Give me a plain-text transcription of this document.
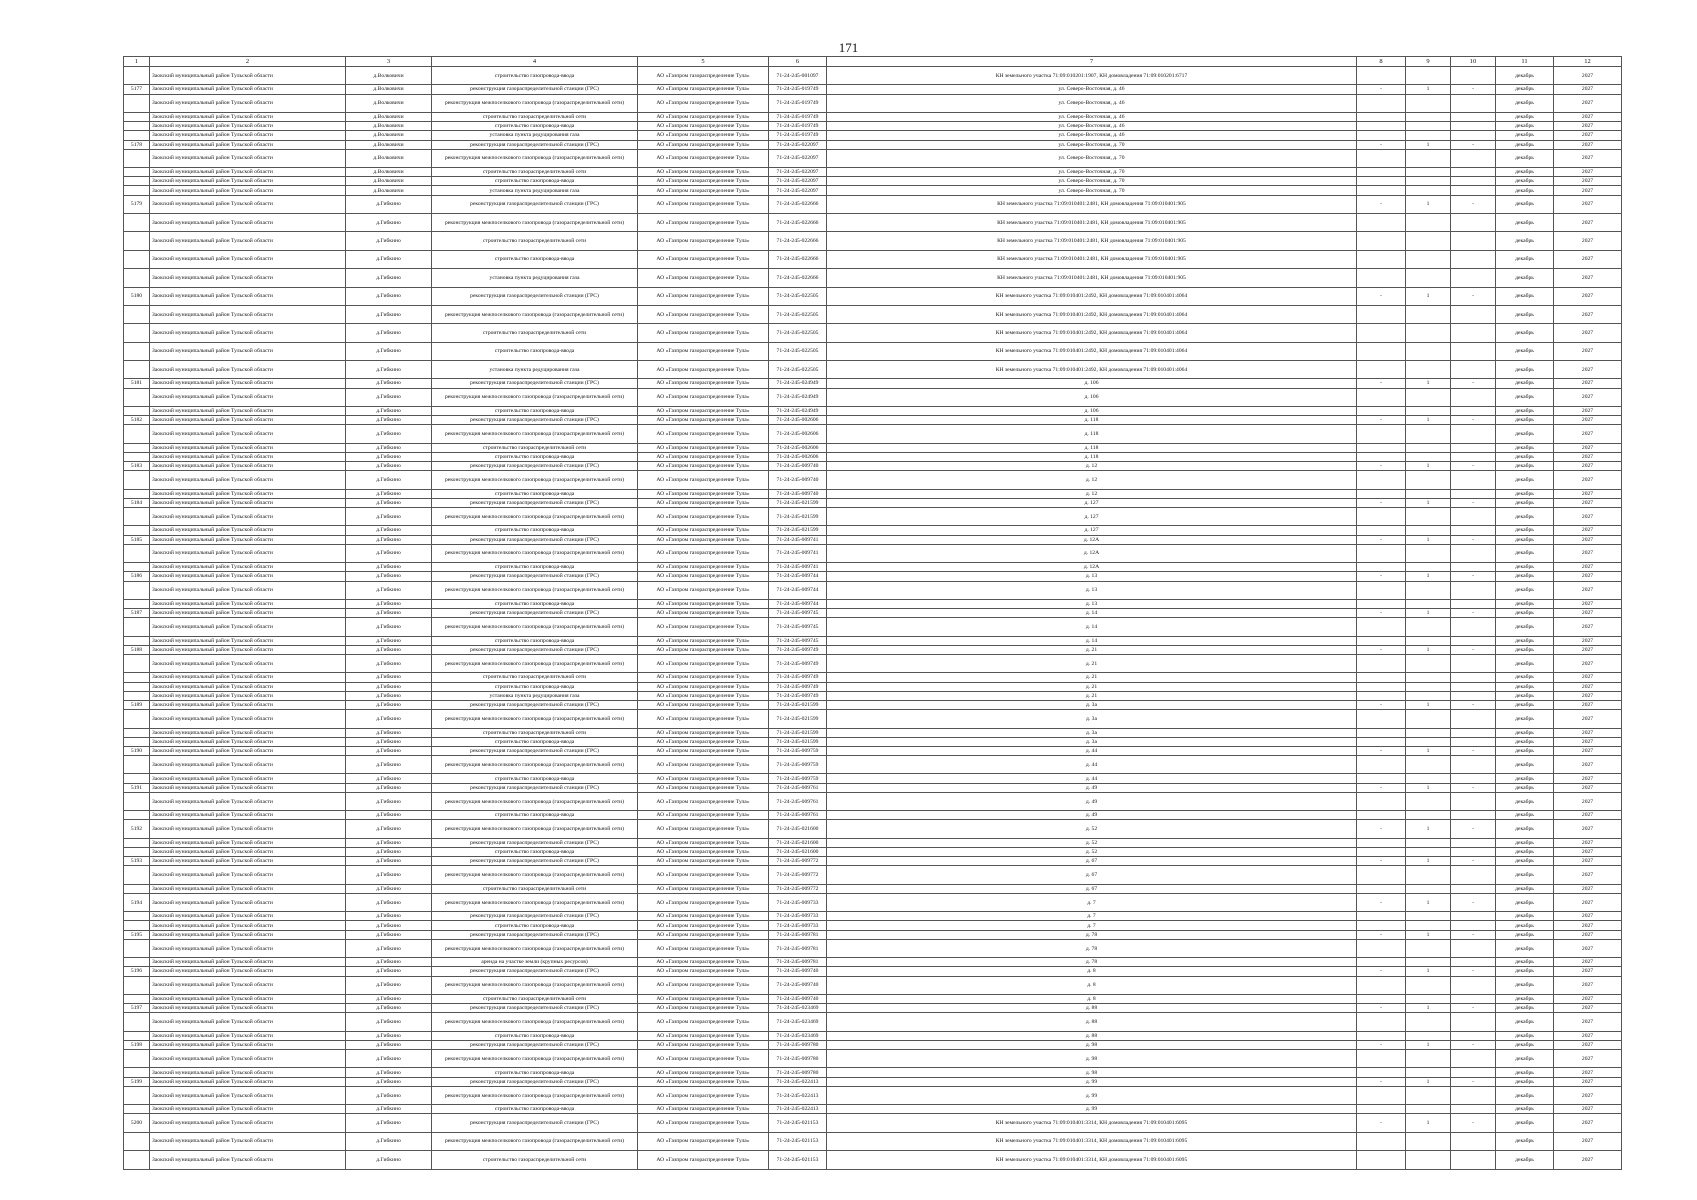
171
1	2	3	4	5	6	7	8	9	10	11	12
	Заокский муниципальный район Тульской области	д.Волковичи	строительство газопровода-ввода	АО «Газпром газораспределение Тула»	71-24-245-001097	КН земельного участка 71:09:010201:1907, КН домовладения 71:09:010201:6717				декабрь	2027
5177	Заокский муниципальный район Тульской области	д.Волковичи	реконструкция газораспределительной станции (ГРС)	АО «Газпром газораспределение Тула»	71-24-245-019749	ул. Северо-Восточная, д. 46	-	1	-	декабрь	2027
	Заокский муниципальный район Тульской области	д.Волковичи	реконструкция межпоселкового газопровода (газораспределительной сети)	АО «Газпром газораспределение Тула»	71-24-245-019749	ул. Северо-Восточная, д. 46				декабрь	2027
	Заокский муниципальный район Тульской области	д.Волковичи	строительство газораспределительной сети	АО «Газпром газораспределение Тула»	71-24-245-019749	ул. Северо-Восточная, д. 46				декабрь	2027
	Заокский муниципальный район Тульской области	д.Волковичи	строительство газопровода-ввода	АО «Газпром газораспределение Тула»	71-24-245-019749	ул. Северо-Восточная, д. 46				декабрь	2027
	Заокский муниципальный район Тульской области	д.Волковичи	установка пункта редуцирования газа	АО «Газпром газораспределение Тула»	71-24-245-019749	ул. Северо-Восточная, д. 46				декабрь	2027
5178	Заокский муниципальный район Тульской области	д.Волковичи	реконструкция газораспределительной станции (ГРС)	АО «Газпром газораспределение Тула»	71-24-245-022097	ул. Северо-Восточная, д. 70	-	1	-	декабрь	2027
	Заокский муниципальный район Тульской области	д.Волковичи	реконструкция межпоселкового газопровода (газораспределительной сети)	АО «Газпром газораспределение Тула»	71-24-245-022097	ул. Северо-Восточная, д. 70				декабрь	2027
	Заокский муниципальный район Тульской области	д.Волковичи	строительство газораспределительной сети	АО «Газпром газораспределение Тула»	71-24-245-022097	ул. Северо-Восточная, д. 70				декабрь	2027
	Заокский муниципальный район Тульской области	д.Волковичи	строительство газопровода-ввода	АО «Газпром газораспределение Тула»	71-24-245-022097	ул. Северо-Восточная, д. 70				декабрь	2027
	Заокский муниципальный район Тульской области	д.Волковичи	установка пункта редуцирования газа	АО «Газпром газораспределение Тула»	71-24-245-022097	ул. Северо-Восточная, д. 70				декабрь	2027
5179	Заокский муниципальный район Тульской области	д.Гибкино	реконструкция газораспределительной станции (ГРС)	АО «Газпром газораспределение Тула»	71-24-245-022666	КН земельного участка 71:09:010401:2481, КН домовладения 71:09:010401:905	-	1	-	декабрь	2027
	Заокский муниципальный район Тульской области	д.Гибкино	реконструкция межпоселкового газопровода (газораспределительной сети)	АО «Газпром газораспределение Тула»	71-24-245-022666	КН земельного участка 71:09:010401:2481, КН домовладения 71:09:010401:905				декабрь	2027
	Заокский муниципальный район Тульской области	д.Гибкино	строительство газораспределительной сети	АО «Газпром газораспределение Тула»	71-24-245-022666	КН земельного участка 71:09:010401:2481, КН домовладения 71:09:010401:905				декабрь	2027
	Заокский муниципальный район Тульской области	д.Гибкино	строительство газопровода-ввода	АО «Газпром газораспределение Тула»	71-24-245-022666	КН земельного участка 71:09:010401:2481, КН домовладения 71:09:010401:905				декабрь	2027
	Заокский муниципальный район Тульской области	д.Гибкино	установка пункта редуцирования газа	АО «Газпром газораспределение Тула»	71-24-245-022666	КН земельного участка 71:09:010401:2481, КН домовладения 71:09:010401:905				декабрь	2027
5180	Заокский муниципальный район Тульской области	д.Гибкино	реконструкция газораспределительной станции (ГРС)	АО «Газпром газораспределение Тула»	71-24-245-022505	КН земельного участка 71:09:010401:2492, КН домовладения 71:09:010401:4064	-	1	-	декабрь	2027
	Заокский муниципальный район Тульской области	д.Гибкино	реконструкция межпоселкового газопровода (газораспределительной сети)	АО «Газпром газораспределение Тула»	71-24-245-022505	КН земельного участка 71:09:010401:2492, КН домовладения 71:09:010401:4064				декабрь	2027
	Заокский муниципальный район Тульской области	д.Гибкино	строительство газораспределительной сети	АО «Газпром газораспределение Тула»	71-24-245-022505	КН земельного участка 71:09:010401:2492, КН домовладения 71:09:010401:4064				декабрь	2027
	Заокский муниципальный район Тульской области	д.Гибкино	строительство газопровода-ввода	АО «Газпром газораспределение Тула»	71-24-245-022505	КН земельного участка 71:09:010401:2492, КН домовладения 71:09:010401:4064				декабрь	2027
	Заокский муниципальный район Тульской области	д.Гибкино	установка пункта редуцирования газа	АО «Газпром газораспределение Тула»	71-24-245-022505	КН земельного участка 71:09:010401:2492, КН домовладения 71:09:010401:4064				декабрь	2027
5181	Заокский муниципальный район Тульской области	д.Гибкино	реконструкция газораспределительной станции (ГРС)	АО «Газпром газораспределение Тула»	71-24-245-024949	д. 106	-	1	-	декабрь	2027
	Заокский муниципальный район Тульской области	д.Гибкино	реконструкция межпоселкового газопровода (газораспределительной сети)	АО «Газпром газораспределение Тула»	71-24-245-024949	д. 106				декабрь	2027
	Заокский муниципальный район Тульской области	д.Гибкино	строительство газопровода-ввода	АО «Газпром газораспределение Тула»	71-24-245-024949	д. 106				декабрь	2027
5182	Заокский муниципальный район Тульской области	д.Гибкино	реконструкция газораспределительной станции (ГРС)	АО «Газпром газораспределение Тула»	71-24-245-002606	д. 118	-	1	-	декабрь	2027
	Заокский муниципальный район Тульской области	д.Гибкино	реконструкция межпоселкового газопровода (газораспределительной сети)	АО «Газпром газораспределение Тула»	71-24-245-002606	д. 118				декабрь	2027
	Заокский муниципальный район Тульской области	д.Гибкино	строительство газораспределительной сети	АО «Газпром газораспределение Тула»	71-24-245-002606	д. 118				декабрь	2027
	Заокский муниципальный район Тульской области	д.Гибкино	строительство газопровода-ввода	АО «Газпром газораспределение Тула»	71-24-245-002606	д. 118				декабрь	2027
5183	Заокский муниципальный район Тульской области	д.Гибкино	реконструкция газораспределительной станции (ГРС)	АО «Газпром газораспределение Тула»	71-24-245-009740	д. 12	-	1	-	декабрь	2027
	Заокский муниципальный район Тульской области	д.Гибкино	реконструкция межпоселкового газопровода (газораспределительной сети)	АО «Газпром газораспределение Тула»	71-24-245-009740	д. 12				декабрь	2027
	Заокский муниципальный район Тульской области	д.Гибкино	строительство газопровода-ввода	АО «Газпром газораспределение Тула»	71-24-245-009740	д. 12				декабрь	2027
5184	Заокский муниципальный район Тульской области	д.Гибкино	реконструкция газораспределительной станции (ГРС)	АО «Газпром газораспределение Тула»	71-24-245-021599	д. 127	-	1	-	декабрь	2027
	Заокский муниципальный район Тульской области	д.Гибкино	реконструкция межпоселкового газопровода (газораспределительной сети)	АО «Газпром газораспределение Тула»	71-24-245-021599	д. 127				декабрь	2027
	Заокский муниципальный район Тульской области	д.Гибкино	строительство газопровода-ввода	АО «Газпром газораспределение Тула»	71-24-245-021599	д. 127				декабрь	2027
5185	Заокский муниципальный район Тульской области	д.Гибкино	реконструкция газораспределительной станции (ГРС)	АО «Газпром газораспределение Тула»	71-24-245-009741	д. 12А	-	1	-	декабрь	2027
	Заокский муниципальный район Тульской области	д.Гибкино	реконструкция межпоселкового газопровода (газораспределительной сети)	АО «Газпром газораспределение Тула»	71-24-245-009741	д. 12А				декабрь	2027
	Заокский муниципальный район Тульской области	д.Гибкино	строительство газопровода-ввода	АО «Газпром газораспределение Тула»	71-24-245-009741	д. 12А				декабрь	2027
5186	Заокский муниципальный район Тульской области	д.Гибкино	реконструкция газораспределительной станции (ГРС)	АО «Газпром газораспределение Тула»	71-24-245-009744	д. 13	-	1	-	декабрь	2027
	Заокский муниципальный район Тульской области	д.Гибкино	реконструкция межпоселкового газопровода (газораспределительной сети)	АО «Газпром газораспределение Тула»	71-24-245-009744	д. 13				декабрь	2027
	Заокский муниципальный район Тульской области	д.Гибкино	строительство газопровода-ввода	АО «Газпром газораспределение Тула»	71-24-245-009744	д. 13				декабрь	2027
5187	Заокский муниципальный район Тульской области	д.Гибкино	реконструкция газораспределительной станции (ГРС)	АО «Газпром газораспределение Тула»	71-24-245-009745	д. 14	-	1	-	декабрь	2027
	Заокский муниципальный район Тульской области	д.Гибкино	реконструкция межпоселкового газопровода (газораспределительной сети)	АО «Газпром газораспределение Тула»	71-24-245-009745	д. 14				декабрь	2027
	Заокский муниципальный район Тульской области	д.Гибкино	строительство газопровода-ввода	АО «Газпром газораспределение Тула»	71-24-245-009745	д. 14				декабрь	2027
5188	Заокский муниципальный район Тульской области	д.Гибкино	реконструкция газораспределительной станции (ГРС)	АО «Газпром газораспределение Тула»	71-24-245-009749	д. 21	-	1	-	декабрь	2027
	Заокский муниципальный район Тульской области	д.Гибкино	реконструкция межпоселкового газопровода (газораспределительной сети)	АО «Газпром газораспределение Тула»	71-24-245-009749	д. 21				декабрь	2027
	Заокский муниципальный район Тульской области	д.Гибкино	строительство газораспределительной сети	АО «Газпром газораспределение Тула»	71-24-245-009749	д. 21				декабрь	2027
	Заокский муниципальный район Тульской области	д.Гибкино	строительство газопровода-ввода	АО «Газпром газораспределение Тула»	71-24-245-009749	д. 21				декабрь	2027
	Заокский муниципальный район Тульской области	д.Гибкино	установка пункта редуцирования газа	АО «Газпром газораспределение Тула»	71-24-245-009749	д. 21				декабрь	2027
5189	Заокский муниципальный район Тульской области	д.Гибкино	реконструкция газораспределительной станции (ГРС)	АО «Газпром газораспределение Тула»	71-24-245-021599	д. 3а	-	1	-	декабрь	2027
	Заокский муниципальный район Тульской области	д.Гибкино	реконструкция межпоселкового газопровода (газораспределительной сети)	АО «Газпром газораспределение Тула»	71-24-245-021599	д. 3а				декабрь	2027
	Заокский муниципальный район Тульской области	д.Гибкино	строительство газораспределительной сети	АО «Газпром газораспределение Тула»	71-24-245-021599	д. 3а				декабрь	2027
	Заокский муниципальный район Тульской области	д.Гибкино	строительство газопровода-ввода	АО «Газпром газораспределение Тула»	71-24-245-021599	д. 3а				декабрь	2027
5190	Заокский муниципальный район Тульской области	д.Гибкино	реконструкция газораспределительной станции (ГРС)	АО «Газпром газораспределение Тула»	71-24-245-009759	д. 44	-	1	-	декабрь	2027
	Заокский муниципальный район Тульской области	д.Гибкино	реконструкция межпоселкового газопровода (газораспределительной сети)	АО «Газпром газораспределение Тула»	71-24-245-009759	д. 44				декабрь	2027
	Заокский муниципальный район Тульской области	д.Гибкино	строительство газопровода-ввода	АО «Газпром газораспределение Тула»	71-24-245-009759	д. 44				декабрь	2027
5191	Заокский муниципальный район Тульской области	д.Гибкино	реконструкция газораспределительной станции (ГРС)	АО «Газпром газораспределение Тула»	71-24-245-009761	д. 49	-	1	-	декабрь	2027
	Заокский муниципальный район Тульской области	д.Гибкино	реконструкция межпоселкового газопровода (газораспределительной сети)	АО «Газпром газораспределение Тула»	71-24-245-009761	д. 49				декабрь	2027
	Заокский муниципальный район Тульской области	д.Гибкино	строительство газопровода-ввода	АО «Газпром газораспределение Тула»	71-24-245-009761	д. 49				декабрь	2027
5192	Заокский муниципальный район Тульской области	д.Гибкино	реконструкция межпоселкового газопровода (газораспределительной сети)	АО «Газпром газораспределение Тула»	71-24-245-021600	д. 52	-	1	-	декабрь	2027
	Заокский муниципальный район Тульской области	д.Гибкино	реконструкция газораспределительной станции (ГРС)	АО «Газпром газораспределение Тула»	71-24-245-021600	д. 52				декабрь	2027
	Заокский муниципальный район Тульской области	д.Гибкино	строительство газопровода-ввода	АО «Газпром газораспределение Тула»	71-24-245-021600	д. 52				декабрь	2027
5193	Заокский муниципальный район Тульской области	д.Гибкино	реконструкция газораспределительной станции (ГРС)	АО «Газпром газораспределение Тула»	71-24-245-009772	д. 67	-	1	-	декабрь	2027
	Заокский муниципальный район Тульской области	д.Гибкино	реконструкция межпоселкового газопровода (газораспределительной сети)	АО «Газпром газораспределение Тула»	71-24-245-009772	д. 67				декабрь	2027
	Заокский муниципальный район Тульской области	д.Гибкино	строительство газораспределительной сети	АО «Газпром газораспределение Тула»	71-24-245-009772	д. 67				декабрь	2027
5194	Заокский муниципальный район Тульской области	д.Гибкино	реконструкция межпоселкового газопровода (газораспределительной сети)	АО «Газпром газораспределение Тула»	71-24-245-009733	д. 7	-	1	-	декабрь	2027
	Заокский муниципальный район Тульской области	д.Гибкино	реконструкция газораспределительной станции (ГРС)	АО «Газпром газораспределение Тула»	71-24-245-009733	д. 7				декабрь	2027
	Заокский муниципальный район Тульской области	д.Гибкино	строительство газопровода-ввода	АО «Газпром газораспределение Тула»	71-24-245-009733	д. 7				декабрь	2027
5195	Заокский муниципальный район Тульской области	д.Гибкино	реконструкция газораспределительной станции (ГРС)	АО «Газпром газораспределение Тула»	71-24-245-009781	д. 78	-	1	-	декабрь	2027
	Заокский муниципальный район Тульской области	д.Гибкино	реконструкция межпоселкового газопровода (газораспределительной сети)	АО «Газпром газораспределение Тула»	71-24-245-009781	д. 78				декабрь	2027
	Заокский муниципальный район Тульской области	д.Гибкино	аренда на участке земли (крупных ресурсов)	АО «Газпром газораспределение Тула»	71-24-245-009781	д. 78				декабрь	2027
5196	Заокский муниципальный район Тульской области	д.Гибкино	реконструкция газораспределительной станции (ГРС)	АО «Газпром газораспределение Тула»	71-24-245-009740	д. 8	-	1	-	декабрь	2027
	Заокский муниципальный район Тульской области	д.Гибкино	реконструкция межпоселкового газопровода (газораспределительной сети)	АО «Газпром газораспределение Тула»	71-24-245-009740	д. 8				декабрь	2027
	Заокский муниципальный район Тульской области	д.Гибкино	строительство газораспределительной сети	АО «Газпром газораспределение Тула»	71-24-245-009740	д. 8				декабрь	2027
5197	Заокский муниципальный район Тульской области	д.Гибкино	реконструкция газораспределительной станции (ГРС)	АО «Газпром газораспределение Тула»	71-24-245-023469	д. 88	-	1	-	декабрь	2027
	Заокский муниципальный район Тульской области	д.Гибкино	реконструкция межпоселкового газопровода (газораспределительной сети)	АО «Газпром газораспределение Тула»	71-24-245-023469	д. 88				декабрь	2027
	Заокский муниципальный район Тульской области	д.Гибкино	строительство газопровода-ввода	АО «Газпром газораспределение Тула»	71-24-245-023469	д. 88				декабрь	2027
5198	Заокский муниципальный район Тульской области	д.Гибкино	реконструкция газораспределительной станции (ГРС)	АО «Газпром газораспределение Тула»	71-24-245-009780	д. 98	-	1	-	декабрь	2027
	Заокский муниципальный район Тульской области	д.Гибкино	реконструкция межпоселкового газопровода (газораспределительной сети)	АО «Газпром газораспределение Тула»	71-24-245-009780	д. 98				декабрь	2027
	Заокский муниципальный район Тульской области	д.Гибкино	строительство газопровода-ввода	АО «Газпром газораспределение Тула»	71-24-245-009780	д. 98				декабрь	2027
5199	Заокский муниципальный район Тульской области	д.Гибкино	реконструкция газораспределительной станции (ГРС)	АО «Газпром газораспределение Тула»	71-24-245-022413	д. 99	-	1	-	декабрь	2027
	Заокский муниципальный район Тульской области	д.Гибкино	реконструкция межпоселкового газопровода (газораспределительной сети)	АО «Газпром газораспределение Тула»	71-24-245-022413	д. 99				декабрь	2027
	Заокский муниципальный район Тульской области	д.Гибкино	строительство газопровода-ввода	АО «Газпром газораспределение Тула»	71-24-245-022413	д. 99				декабрь	2027
5200	Заокский муниципальный район Тульской области	д.Гибкино	реконструкция газораспределительной станции (ГРС)	АО «Газпром газораспределение Тула»	71-24-245-021153	КН земельного участка 71:09:010401:3314, КН домовладения 71:09:010401:6095	-	1	-	декабрь	2027
	Заокский муниципальный район Тульской области	д.Гибкино	реконструкция межпоселкового газопровода (газораспределительной сети)	АО «Газпром газораспределение Тула»	71-24-245-021153	КН земельного участка 71:09:010401:3314, КН домовладения 71:09:010401:6095				декабрь	2027
	Заокский муниципальный район Тульской области	д.Гибкино	строительство газораспределительной сети	АО «Газпром газораспределение Тула»	71-24-245-021153	КН земельного участка 71:09:010401:3314, КН домовладения 71:09:010401:6095				декабрь	2027
